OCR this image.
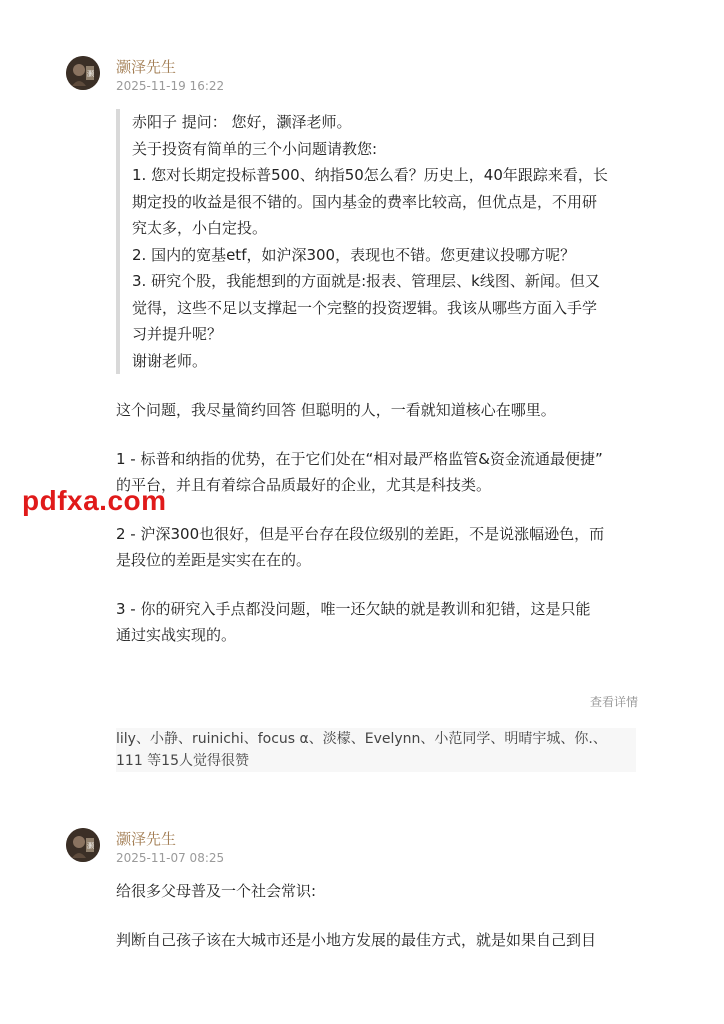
灏 灏泽先生
2025-11-19 16:22

赤阳子 提问： 您好，灏泽老师。

关于投资有简单的三个小问题请教您:

1. 您对长期定投标普500、纳指50怎么看？历史上，40年跟踪来看，长

期定投的收益是很不错的。国内基金的费率比较高，但优点是，不用研

究太多，小白定投。

2. 国内的宽基etf，如沪深300，表现也不错。您更建议投哪方呢？

3. 研究个股，我能想到的方面就是:报表、管理层、k线图、新闻。但又

觉得，这些不足以支撑起一个完整的投资逻辑。我该从哪些方面入手学

习并提升呢？

谢谢老师。

这个问题，我尽量简约回答 但聪明的人，一看就知道核心在哪里。

1 - 标普和纳指的优势，在于它们处在“相对最严格监管&资金流通最便捷”

的平台，并且有着综合品质最好的企业，尤其是科技类。

2 - 沪深300也很好，但是平台存在段位级别的差距，不是说涨幅逊色，而

是段位的差距是实实在在的。

3 - 你的研究入手点都没问题，唯一还欠缺的就是教训和犯错，这是只能

通过实战实现的。

查看详情
lily、小静、ruinichi、focus α、淡檬、Evelynn、小范同学、明晴宇城、你.、
111 等15人觉得很赞
灏 灏泽先生
2025-11-07 08:25

给很多父母普及一个社会常识:

判断自己孩子该在大城市还是小地方发展的最佳方式，就是如果自己到目

pdfxa.com
